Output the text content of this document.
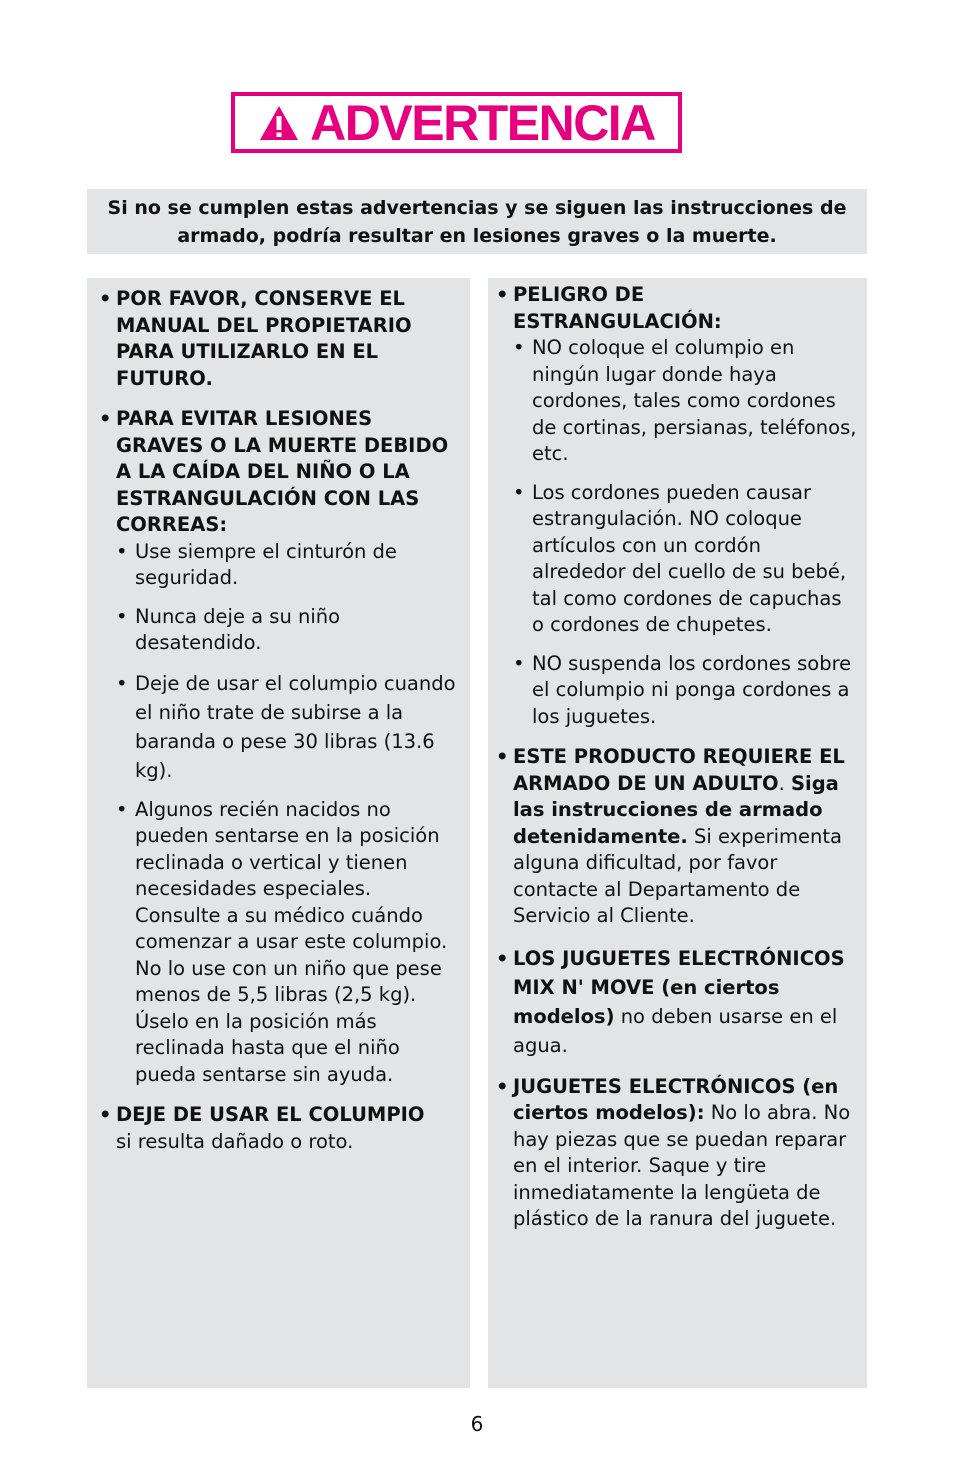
ADVERTENCIA
Si no se cumplen estas advertencias y se siguen las instrucciones de armado, podría resultar en lesiones graves o la muerte.
• POR FAVOR, CONSERVE EL MANUAL DEL PROPIETARIO PARA UTILIZARLO EN EL FUTURO.
• PARA EVITAR LESIONES GRAVES O LA MUERTE DEBIDO A LA CAÍDA DEL NIÑO O LA ESTRANGULACIÓN CON LAS CORREAS:
• Use siempre el cinturón de seguridad.
• Nunca deje a su niño desatendido.
• Deje de usar el columpio cuando el niño trate de subirse a la baranda o pese 30 libras (13.6 kg).
• Algunos recién nacidos no pueden sentarse en la posición reclinada o vertical y tienen necesidades especiales. Consulte a su médico cuándo comenzar a usar este columpio. No lo use con un niño que pese menos de 5,5 libras (2,5 kg). Úselo en la posición más reclinada hasta que el niño pueda sentarse sin ayuda.
• DEJE DE USAR EL COLUMPIO
si resulta dañado o roto.
• PELIGRO DE ESTRANGULACIÓN:
• NO coloque el columpio en ningún lugar donde haya cordones, tales como cordones de cortinas, persianas, teléfonos, etc.
• Los cordones pueden causar estrangulación. NO coloque artículos con un cordón alrededor del cuello de su bebé, tal como cordones de capuchas o cordones de chupetes.
• NO suspenda los cordones sobre el columpio ni ponga cordones a los juguetes.
• ESTE PRODUCTO REQUIERE EL ARMADO DE UN ADULTO. Siga las instrucciones de armado detenidamente. Si experimenta alguna dificultad, por favor contacte al Departamento de Servicio al Cliente.
• LOS JUGUETES ELECTRÓNICOS MIX N' MOVE (en ciertos modelos) no deben usarse en el agua.
• JUGUETES ELECTRÓNICOS (en ciertos modelos): No lo abra. No hay piezas que se puedan reparar en el interior. Saque y tire inmediatamente la lengüeta de plástico de la ranura del juguete.
6
